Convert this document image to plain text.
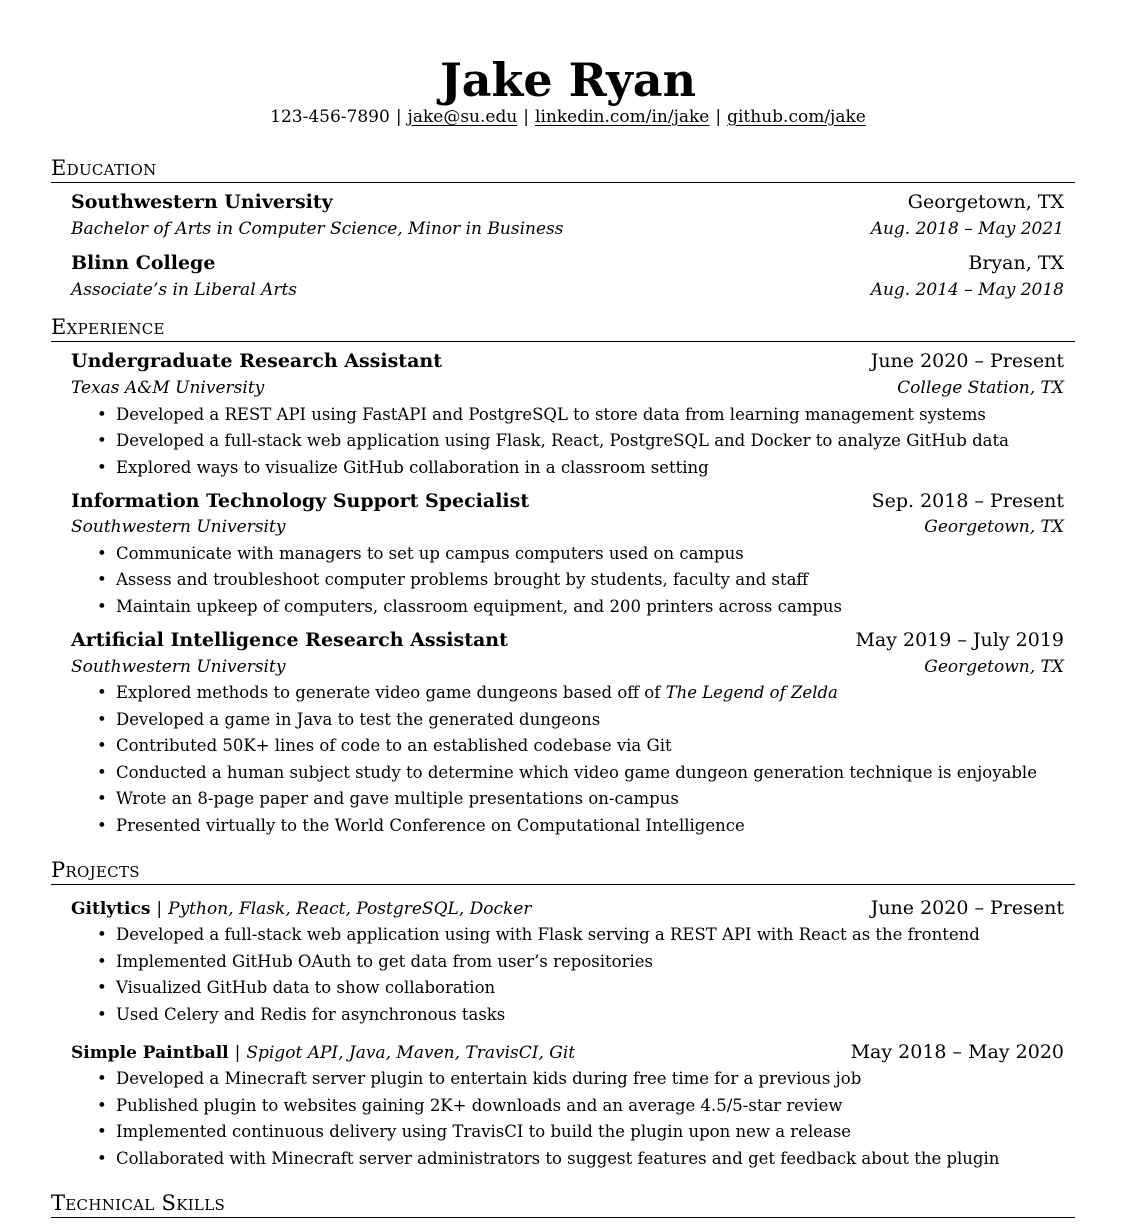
Jake Ryan
123-456-7890 | jake@su.edu | linkedin.com/in/jake | github.com/jake
Education
Southwestern University	Georgetown, TX
Bachelor of Arts in Computer Science, Minor in Business	Aug. 2018 – May 2021
Blinn College	Bryan, TX
Associate’s in Liberal Arts	Aug. 2014 – May 2018
Experience
Undergraduate Research Assistant	June 2020 – Present
Texas A&M University	College Station, TX
• Developed a REST API using FastAPI and PostgreSQL to store data from learning management systems
• Developed a full-stack web application using Flask, React, PostgreSQL and Docker to analyze GitHub data
• Explored ways to visualize GitHub collaboration in a classroom setting
Information Technology Support Specialist	Sep. 2018 – Present
Southwestern University	Georgetown, TX
• Communicate with managers to set up campus computers used on campus
• Assess and troubleshoot computer problems brought by students, faculty and staff
• Maintain upkeep of computers, classroom equipment, and 200 printers across campus
Artificial Intelligence Research Assistant	May 2019 – July 2019
Southwestern University	Georgetown, TX
• Explored methods to generate video game dungeons based off of The Legend of Zelda
• Developed a game in Java to test the generated dungeons
• Contributed 50K+ lines of code to an established codebase via Git
• Conducted a human subject study to determine which video game dungeon generation technique is enjoyable
• Wrote an 8-page paper and gave multiple presentations on-campus
• Presented virtually to the World Conference on Computational Intelligence
Projects
Gitlytics | Python, Flask, React, PostgreSQL, Docker	June 2020 – Present
• Developed a full-stack web application using with Flask serving a REST API with React as the frontend
• Implemented GitHub OAuth to get data from user’s repositories
• Visualized GitHub data to show collaboration
• Used Celery and Redis for asynchronous tasks
Simple Paintball | Spigot API, Java, Maven, TravisCI, Git	May 2018 – May 2020
• Developed a Minecraft server plugin to entertain kids during free time for a previous job
• Published plugin to websites gaining 2K+ downloads and an average 4.5/5-star review
• Implemented continuous delivery using TravisCI to build the plugin upon new a release
• Collaborated with Minecraft server administrators to suggest features and get feedback about the plugin
Technical Skills
